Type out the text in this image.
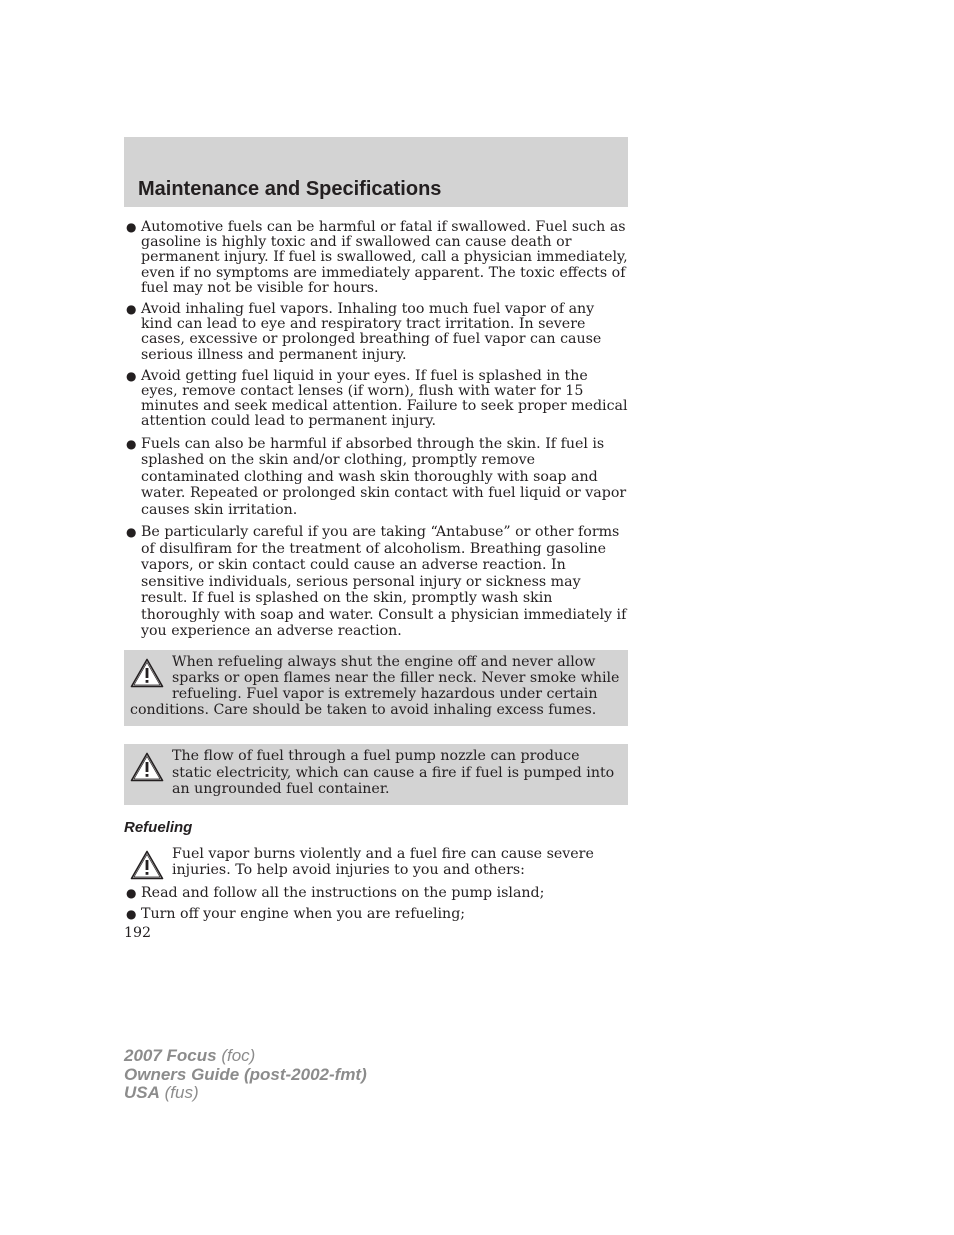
Maintenance and Specifications
● Automotive fuels can be harmful or fatal if swallowed. Fuel such as gasoline is highly toxic and if swallowed can cause death or permanent injury. If fuel is swallowed, call a physician immediately, even if no symptoms are immediately apparent. The toxic effects of fuel may not be visible for hours.
● Avoid inhaling fuel vapors. Inhaling too much fuel vapor of any kind can lead to eye and respiratory tract irritation. In severe cases, excessive or prolonged breathing of fuel vapor can cause serious illness and permanent injury.
● Avoid getting fuel liquid in your eyes. If fuel is splashed in the eyes, remove contact lenses (if worn), flush with water for 15 minutes and seek medical attention. Failure to seek proper medical attention could lead to permanent injury.
● Fuels can also be harmful if absorbed through the skin. If fuel is splashed on the skin and/or clothing, promptly remove contaminated clothing and wash skin thoroughly with soap and water. Repeated or prolonged skin contact with fuel liquid or vapor causes skin irritation.
● Be particularly careful if you are taking “Antabuse” or other forms of disulfiram for the treatment of alcoholism. Breathing gasoline vapors, or skin contact could cause an adverse reaction. In sensitive individuals, serious personal injury or sickness may result. If fuel is splashed on the skin, promptly wash skin thoroughly with soap and water. Consult a physician immediately if you experience an adverse reaction.
When refueling always shut the engine off and never allow sparks or open flames near the filler neck. Never smoke while refueling. Fuel vapor is extremely hazardous under certain conditions. Care should be taken to avoid inhaling excess fumes.
The flow of fuel through a fuel pump nozzle can produce static electricity, which can cause a fire if fuel is pumped into an ungrounded fuel container.
Refueling
Fuel vapor burns violently and a fuel fire can cause severe injuries. To help avoid injuries to you and others:
● Read and follow all the instructions on the pump island;
● Turn off your engine when you are refueling;
192
2007 Focus (foc)
Owners Guide (post-2002-fmt)
USA (fus)
